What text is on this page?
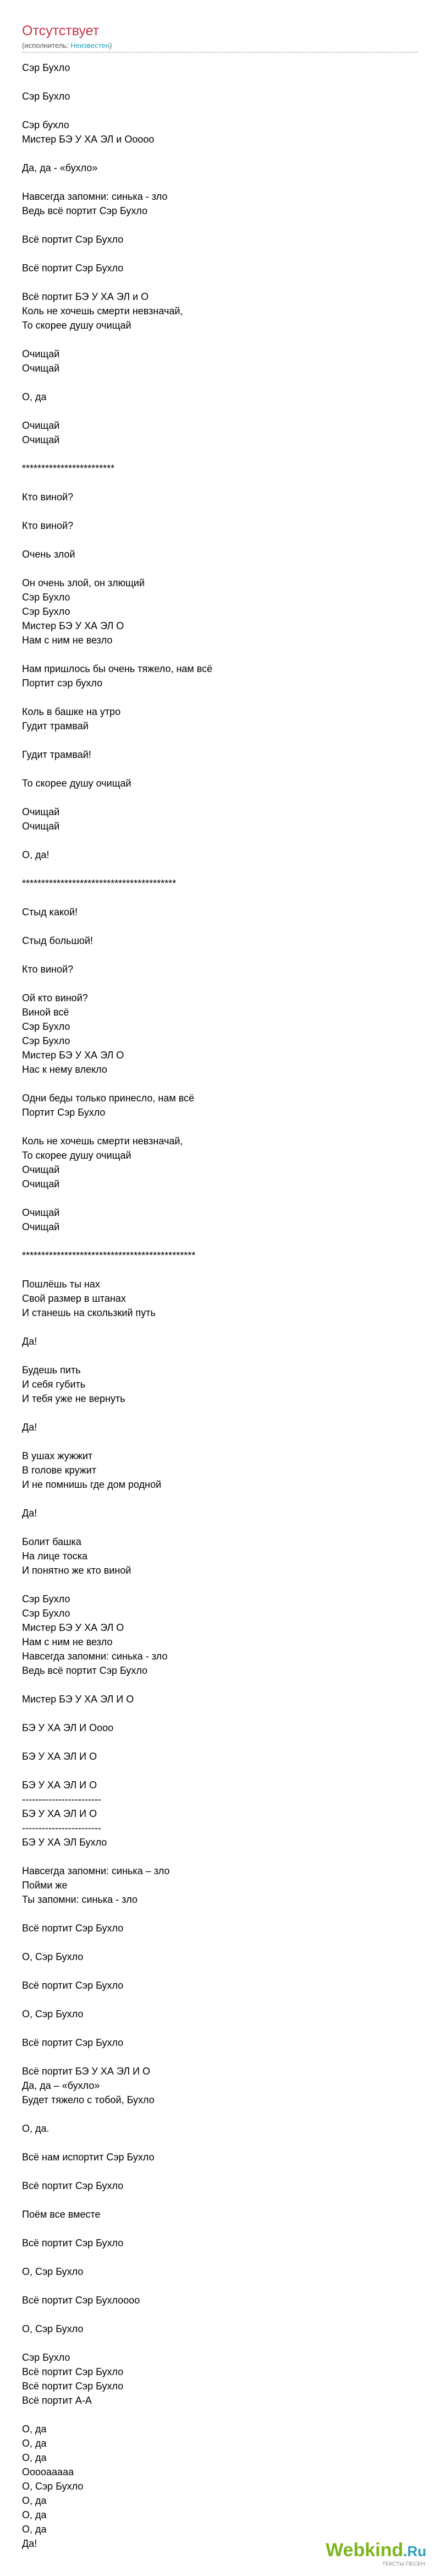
Отсутствует
(исполнитель: Неизвестен)
Сэр Бухло

Сэр Бухло

Сэр бухло
Мистер БЭ У ХА ЭЛ и Ооооо

Да, да - «бухло»

Навсегда запомни: синька - зло
Ведь всё портит Сэр Бухло

Всё портит Сэр Бухло

Всё портит Сэр Бухло

Всё портит БЭ У ХА ЭЛ и О
Коль не хочешь смерти невзначай,
То скорее душу очищай

Очищай
Очищай

О, да

Очищай
Очищай

************************

Кто виной?

Кто виной?

Очень злой

Он очень злой, он злющий
Сэр Бухло
Сэр Бухло
Мистер БЭ У ХА ЭЛ О
Нам с ним не везло

Нам пришлось бы очень тяжело, нам всё
Портит сэр бухло

Коль в башке на утро
Гудит трамвай

Гудит трамвай!

То скорее душу очищай

Очищай
Очищай

О, да!

****************************************

Стыд какой!

Стыд большой!

Кто виной?

Ой кто виной?
Виной всё
Сэр Бухло
Сэр Бухло
Мистер БЭ У ХА ЭЛ О
Нас к нему влекло

Одни беды только принесло, нам всё
Портит Сэр Бухло

Коль не хочешь смерти невзначай,
То скорее душу очищай
Очищай
Очищай

Очищай
Очищай

*********************************************

Пошлёшь ты нах
Свой размер в штанах
И станешь на скользкий путь

Да!

Будешь пить
И себя губить
И тебя уже не вернуть

Да!

В ушах жужжит
В голове кружит
И не помнишь где дом родной

Да!

Болит башка
На лице тоска
И понятно же кто виной

Сэр Бухло
Сэр Бухло
Мистер БЭ У ХА ЭЛ О
Нам с ним не везло
Навсегда запомни: синька - зло
Ведь всё портит Сэр Бухло

Мистер БЭ У ХА ЭЛ И О

БЭ У ХА ЭЛ И Оооо

БЭ У ХА ЭЛ И О

БЭ У ХА ЭЛ И О
------------------------
БЭ У ХА ЭЛ И О
------------------------
БЭ У ХА ЭЛ Бухло

Навсегда запомни: синька – зло
Пойми же
Ты запомни: синька - зло

Всё портит Сэр Бухло

О, Сэр Бухло

Всё портит Сэр Бухло

О, Сэр Бухло

Всё портит Сэр Бухло

Всё портит БЭ У ХА ЭЛ И О
Да, да – «бухло»
Будет тяжело с тобой, Бухло

О, да.

Всё нам испортит Сэр Бухло

Всё портит Сэр Бухло

Поём все вместе

Всё портит Сэр Бухло

О, Сэр Бухло

Всё портит Сэр Бухлоооо

О, Сэр Бухло

Сэр Бухло
Всё портит Сэр Бухло
Всё портит Сэр Бухло
Всё портит А-А

О, да
О, да
О, да
Ооооааааа
О, Сэр Бухло
О, да
О, да
О, да
Да!	Webkind.Ru
ТЕКСТЫ ПЕСЕН
